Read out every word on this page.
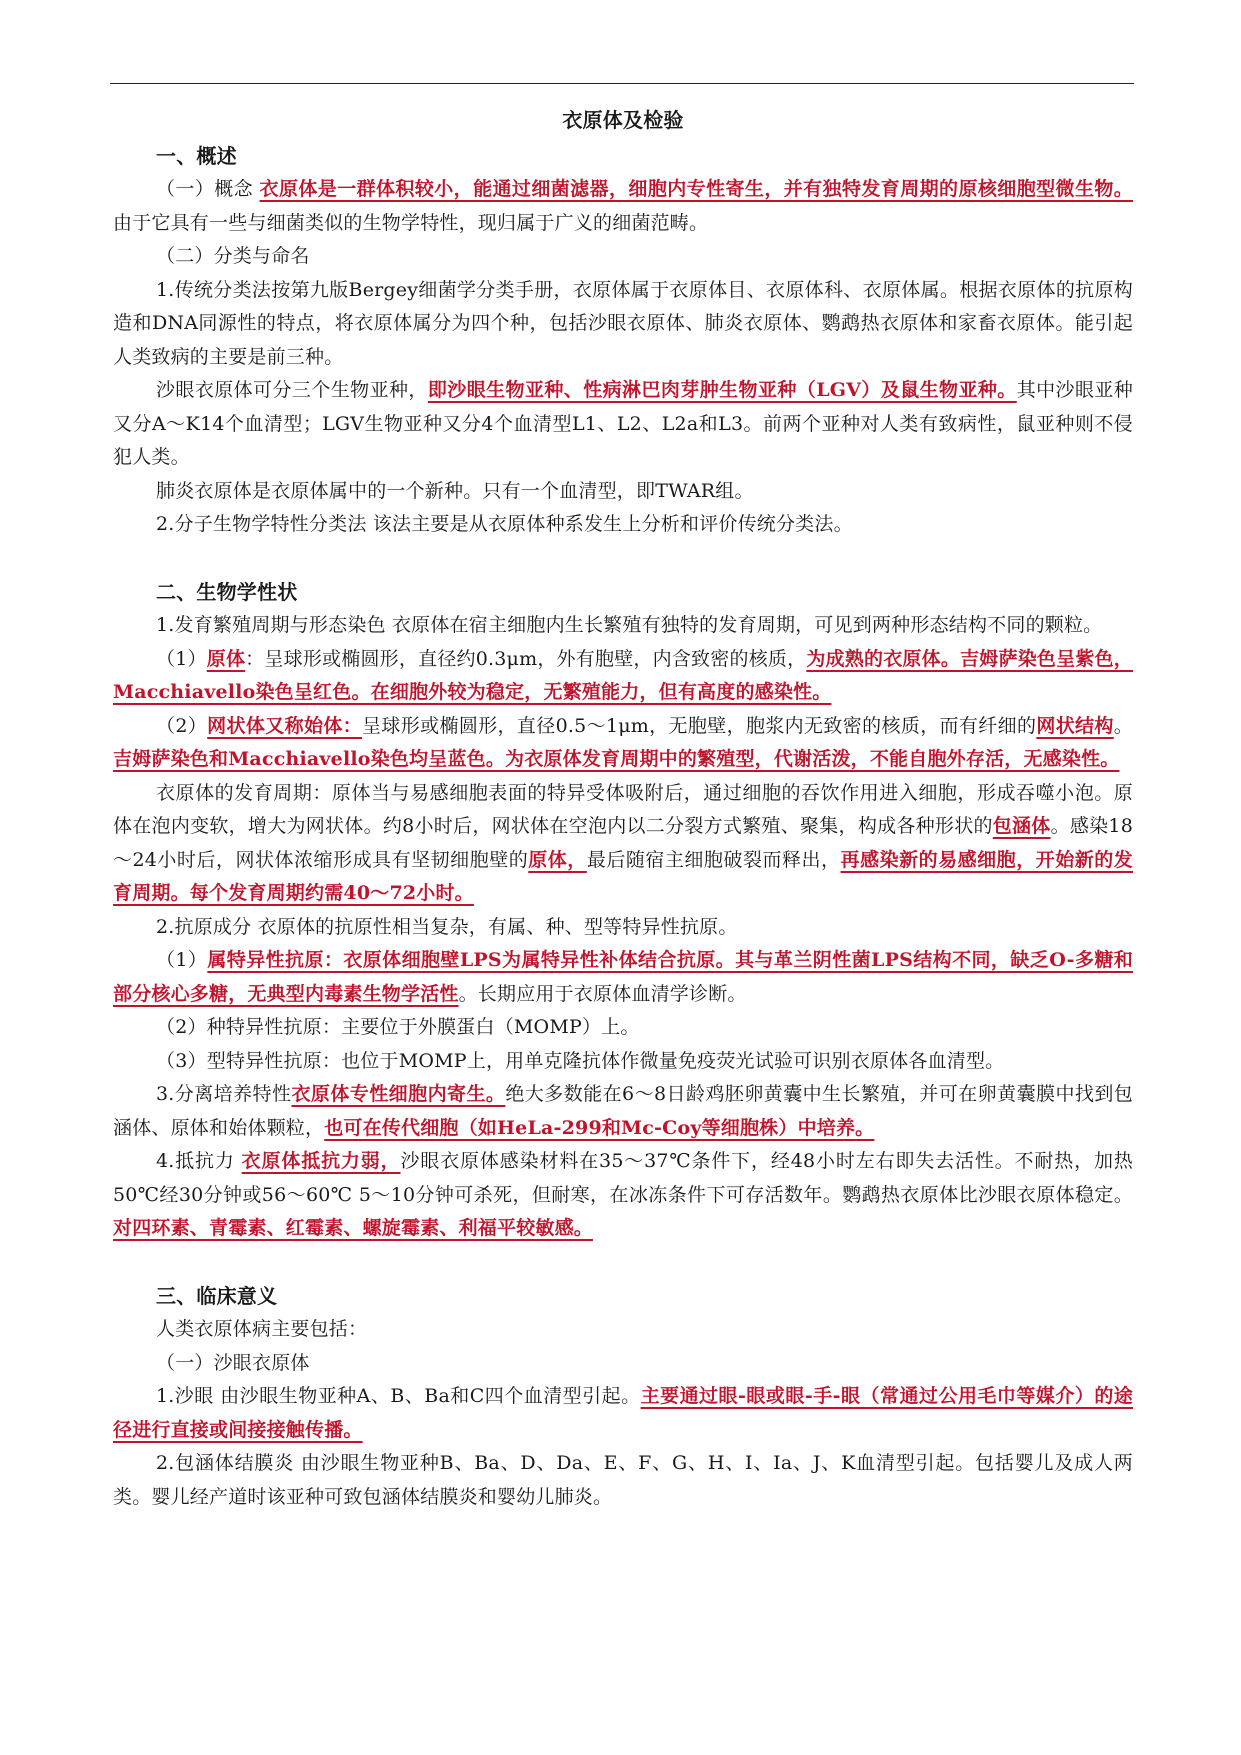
衣原体及检验
一、概述

（一）概念 衣原体是一群体积较小，能通过细菌滤器，细胞内专性寄生，并有独特发育周期的原核细胞型微生物。由于它具有一些与细菌类似的生物学特性，现归属于广义的细菌范畴。

（二）分类与命名

1.传统分类法按第九版Bergey细菌学分类手册，衣原体属于衣原体目、衣原体科、衣原体属。根据衣原体的抗原构造和DNA同源性的特点，将衣原体属分为四个种，包括沙眼衣原体、肺炎衣原体、鹦鹉热衣原体和家畜衣原体。能引起人类致病的主要是前三种。

沙眼衣原体可分三个生物亚种，即沙眼生物亚种、性病淋巴肉芽肿生物亚种（LGV）及鼠生物亚种。其中沙眼亚种又分A～K14个血清型；LGV生物亚种又分4个血清型L1、L2、L2a和L3。前两个亚种对人类有致病性，鼠亚种则不侵犯人类。

肺炎衣原体是衣原体属中的一个新种。只有一个血清型，即TWAR组。

2.分子生物学特性分类法 该法主要是从衣原体种系发生上分析和评价传统分类法。

二、生物学性状

1.发育繁殖周期与形态染色 衣原体在宿主细胞内生长繁殖有独特的发育周期，可见到两种形态结构不同的颗粒。

（1）原体：呈球形或椭圆形，直径约0.3μm，外有胞壁，内含致密的核质，为成熟的衣原体。吉姆萨染色呈紫色，Macchiavello染色呈红色。在细胞外较为稳定，无繁殖能力，但有高度的感染性。

（2）网状体又称始体：呈球形或椭圆形，直径0.5～1μm，无胞壁，胞浆内无致密的核质，而有纤细的网状结构。吉姆萨染色和Macchiavello染色均呈蓝色。为衣原体发育周期中的繁殖型，代谢活泼，不能自胞外存活，无感染性。

衣原体的发育周期：原体当与易感细胞表面的特异受体吸附后，通过细胞的吞饮作用进入细胞，形成吞噬小泡。原体在泡内变软，增大为网状体。约8小时后，网状体在空泡内以二分裂方式繁殖、聚集，构成各种形状的包涵体。感染18～24小时后，网状体浓缩形成具有坚韧细胞壁的原体，最后随宿主细胞破裂而释出，再感染新的易感细胞，开始新的发育周期。每个发育周期约需40～72小时。

2.抗原成分 衣原体的抗原性相当复杂，有属、种、型等特异性抗原。

（1）属特异性抗原：衣原体细胞壁LPS为属特异性补体结合抗原。其与革兰阴性菌LPS结构不同，缺乏O-多糖和部分核心多糖，无典型内毒素生物学活性。长期应用于衣原体血清学诊断。

（2）种特异性抗原：主要位于外膜蛋白（MOMP）上。

（3）型特异性抗原：也位于MOMP上，用单克隆抗体作微量免疫荧光试验可识别衣原体各血清型。

3.分离培养特性衣原体专性细胞内寄生。绝大多数能在6～8日龄鸡胚卵黄囊中生长繁殖，并可在卵黄囊膜中找到包涵体、原体和始体颗粒，也可在传代细胞（如HeLa-299和Mc-Coy等细胞株）中培养。

4.抵抗力 衣原体抵抗力弱，沙眼衣原体感染材料在35～37℃条件下，经48小时左右即失去活性。不耐热，加热50℃经30分钟或56～60℃ 5～10分钟可杀死，但耐寒，在冰冻条件下可存活数年。鹦鹉热衣原体比沙眼衣原体稳定。对四环素、青霉素、红霉素、螺旋霉素、利福平较敏感。

三、临床意义

人类衣原体病主要包括：

（一）沙眼衣原体

1.沙眼 由沙眼生物亚种A、B、Ba和C四个血清型引起。主要通过眼-眼或眼-手-眼（常通过公用毛巾等媒介）的途径进行直接或间接接触传播。

2.包涵体结膜炎 由沙眼生物亚种B、Ba、D、Da、E、F、G、H、I、Ia、J、K血清型引起。包括婴儿及成人两类。婴儿经产道时该亚种可致包涵体结膜炎和婴幼儿肺炎。
